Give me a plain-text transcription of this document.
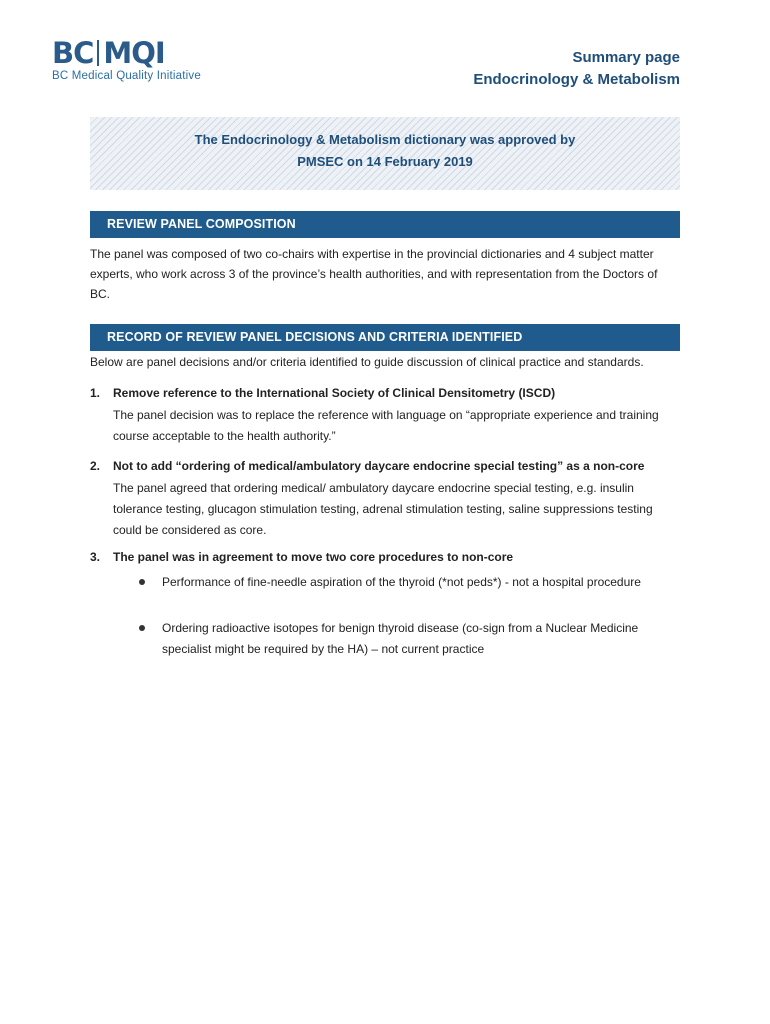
BC MQI
BC Medical Quality Initiative
Summary page
Endocrinology & Metabolism
The Endocrinology & Metabolism dictionary was approved by PMSEC on 14 February 2019
REVIEW PANEL COMPOSITION
The panel was composed of two co-chairs with expertise in the provincial dictionaries and 4 subject matter experts, who work across 3 of the province’s health authorities, and with representation from the Doctors of BC.
RECORD OF REVIEW PANEL DECISIONS AND CRITERIA IDENTIFIED
Below are panel decisions and/or criteria identified to guide discussion of clinical practice and standards.
1. Remove reference to the International Society of Clinical Densitometry (ISCD)
The panel decision was to replace the reference with language on “appropriate experience and training course acceptable to the health authority.”
2. Not to add “ordering of medical/ambulatory daycare endocrine special testing” as a non-core
The panel agreed that ordering medical/ ambulatory daycare endocrine special testing, e.g. insulin tolerance testing, glucagon stimulation testing, adrenal stimulation testing, saline suppressions testing could be considered as core.
3. The panel was in agreement to move two core procedures to non-core
Performance of fine-needle aspiration of the thyroid (*not peds*) - not a hospital procedure
Ordering radioactive isotopes for benign thyroid disease (co-sign from a Nuclear Medicine specialist might be required by the HA) – not current practice
